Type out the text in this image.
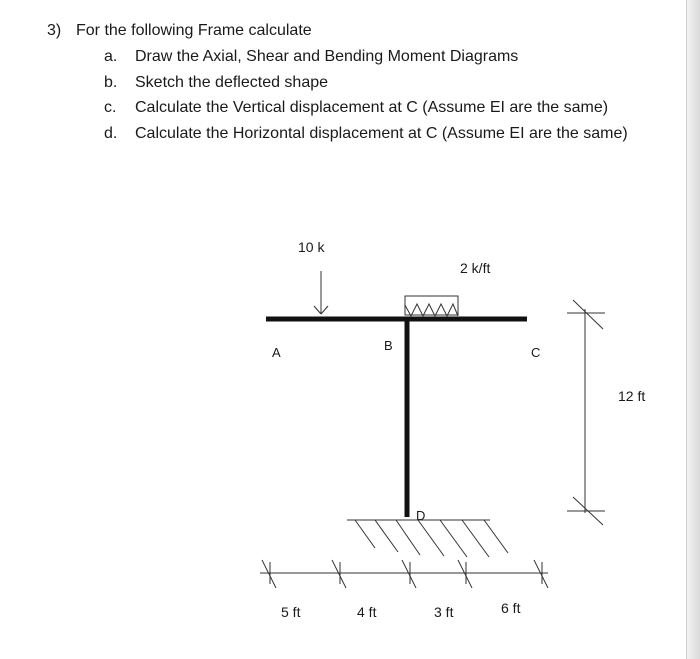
3) For the following Frame calculate
a. Draw the Axial, Shear and Bending Moment Diagrams
b. Sketch the deflected shape
c. Calculate the Vertical displacement at C (Assume EI are the same)
d. Calculate the Horizontal displacement at C (Assume EI are the same)
10 k
2 k/ft
A	B	C
D
12 ft
5 ft	4 ft	3 ft	6 ft
